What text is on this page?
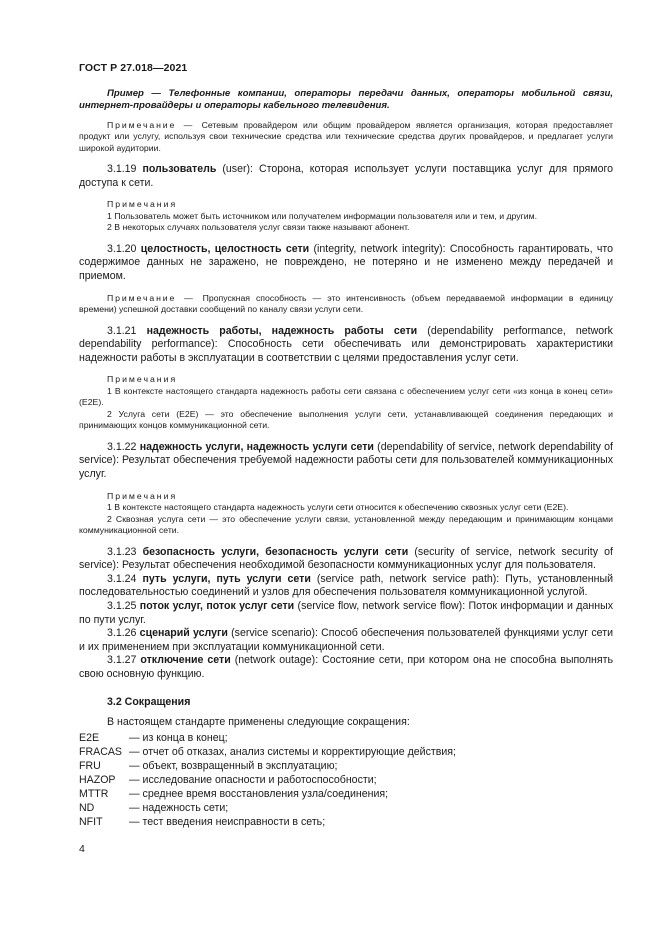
ГОСТ Р 27.018—2021

Пример — Телефонные компании, операторы передачи данных, операторы мобильной связи, интернет-провайдеры и операторы кабельного телевидения.

Примечание — Сетевым провайдером или общим провайдером является организация, которая предоставляет продукт или услугу, используя свои технические средства или технические средства других провайдеров, и предлагает услуги широкой аудитории.

3.1.19 пользователь (user): Сторона, которая использует услуги поставщика услуг для прямого доступа к сети.

Примечания

1 Пользователь может быть источником или получателем информации пользователя или и тем, и другим.

2 В некоторых случаях пользователя услуг связи также называют абонент.

3.1.20 целостность, целостность сети (integrity, network integrity): Способность гарантировать, что содержимое данных не заражено, не повреждено, не потеряно и не изменено между передачей и приемом.

Примечание — Пропускная способность — это интенсивность (объем передаваемой информации в единицу времени) успешной доставки сообщений по каналу связи услуги сети.

3.1.21 надежность работы, надежность работы сети (dependability performance, network dependability performance): Способность сети обеспечивать или демонстрировать характеристики надежности работы в эксплуатации в соответствии с целями предоставления услуг сети.

Примечания

1 В контексте настоящего стандарта надежность работы сети связана с обеспечением услуг сети «из конца в конец сети» (E2E).

2 Услуга сети (E2E) — это обеспечение выполнения услуги сети, устанавливающей соединения передающих и принимающих концов коммуникационной сети.

3.1.22 надежность услуги, надежность услуги сети (dependability of service, network dependability of service): Результат обеспечения требуемой надежности работы сети для пользователей коммуникационных услуг.

Примечания

1 В контексте настоящего стандарта надежность услуги сети относится к обеспечению сквозных услуг сети (E2E).

2 Сквозная услуга сети — это обеспечение услуги связи, установленной между передающим и принимающим концами коммуникационной сети.

3.1.23 безопасность услуги, безопасность услуги сети (security of service, network security of service): Результат обеспечения необходимой безопасности коммуникационных услуг для пользователя.

3.1.24 путь услуги, путь услуги сети (service path, network service path): Путь, установленный последовательностью соединений и узлов для обеспечения пользователя коммуникационной услугой.

3.1.25 поток услуг, поток услуг сети (service flow, network service flow): Поток информации и данных по пути услуг.

3.1.26 сценарий услуги (service scenario): Способ обеспечения пользователей функциями услуг сети и их применением при эксплуатации коммуникационной сети.

3.1.27 отключение сети (network outage): Состояние сети, при котором она не способна выполнять свою основную функцию.

3.2 Сокращения

В настоящем стандарте применены следующие сокращения:

E2E	— из конца в конец;
FRACAS	— отчет об отказах, анализ системы и корректирующие действия;
FRU	— объект, возвращенный в эксплуатацию;
HAZOP	— исследование опасности и работоспособности;
MTTR	— среднее время восстановления узла/соединения;
ND	— надежность сети;
NFIT	— тест введения неисправности в сеть;
4
